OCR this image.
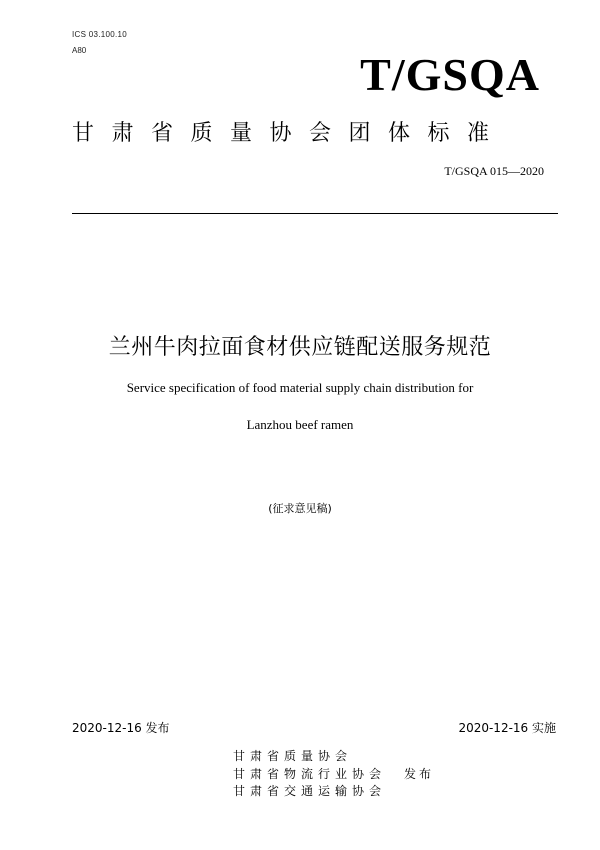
ICS 03.100.10
A80	T/GSQA
甘肃省质量协会团体标准
T/GSQA 015—2020
兰州牛肉拉面食材供应链配送服务规范
Service specification of food material supply chain distribution for
Lanzhou beef ramen
(征求意见稿)
2020-12-16 发布	2020-12-16 实施
甘肃省质量协会
甘肃省物流行业协会
甘肃省交通运输协会
发布
